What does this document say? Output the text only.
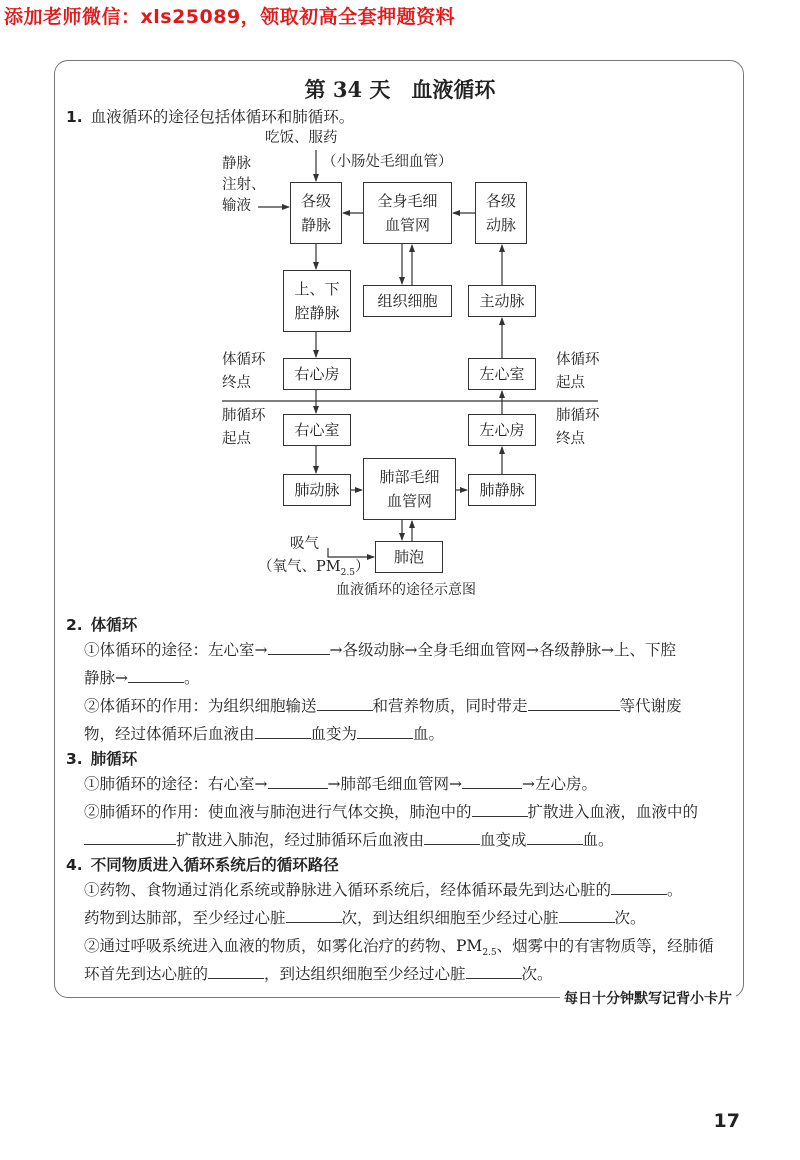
添加老师微信：xls25089，领取初高全套押题资料
第 34 天　血液循环
1. 血液循环的途径包括体循环和肺循环。
吃饭、服药
（小肠处毛细血管）
静脉
注射、
输液	各级
静脉
全身毛细
血管网
各级
动脉
上、下
腔静脉
组织细胞	主动脉
体循环
终点	右心房	左心室
体循环
起点
肺循环
起点	右心室	左心房
肺循环
终点
肺动脉
肺部毛细
血管网
肺静脉
吸气
（氧气、$PM_{2.5}$）
肺泡
血液循环的途径示意图
2. 体循环
①体循环的途径：左心室→	→各级动脉→全身毛细血管网→各级静脉→上、下腔
静脉→	。
②体循环的作用：为组织细胞输送	和营养物质，同时带走	等代谢废
物，经过体循环后血液由	血变为	血。
3. 肺循环
①肺循环的途径：右心室→	→肺部毛细血管网→	→左心房。
②肺循环的作用：使血液与肺泡进行气体交换，肺泡中的	扩散进入血液，血液中的
扩散进入肺泡，经过肺循环后血液由	血变成	血。
4. 不同物质进入循环系统后的循环路径
①药物、食物通过消化系统或静脉进入循环系统后，经体循环最先到达心脏的	。
药物到达肺部，至少经过心脏	次，到达组织细胞至少经过心脏	次。
②通过呼吸系统进入血液的物质，如雾化治疗的药物、$PM_{2.5}$、烟雾中的有害物质等，经肺循
环首先到达心脏的	，到达组织细胞至少经过心脏	次。
每日十分钟默写记背小卡片
17
